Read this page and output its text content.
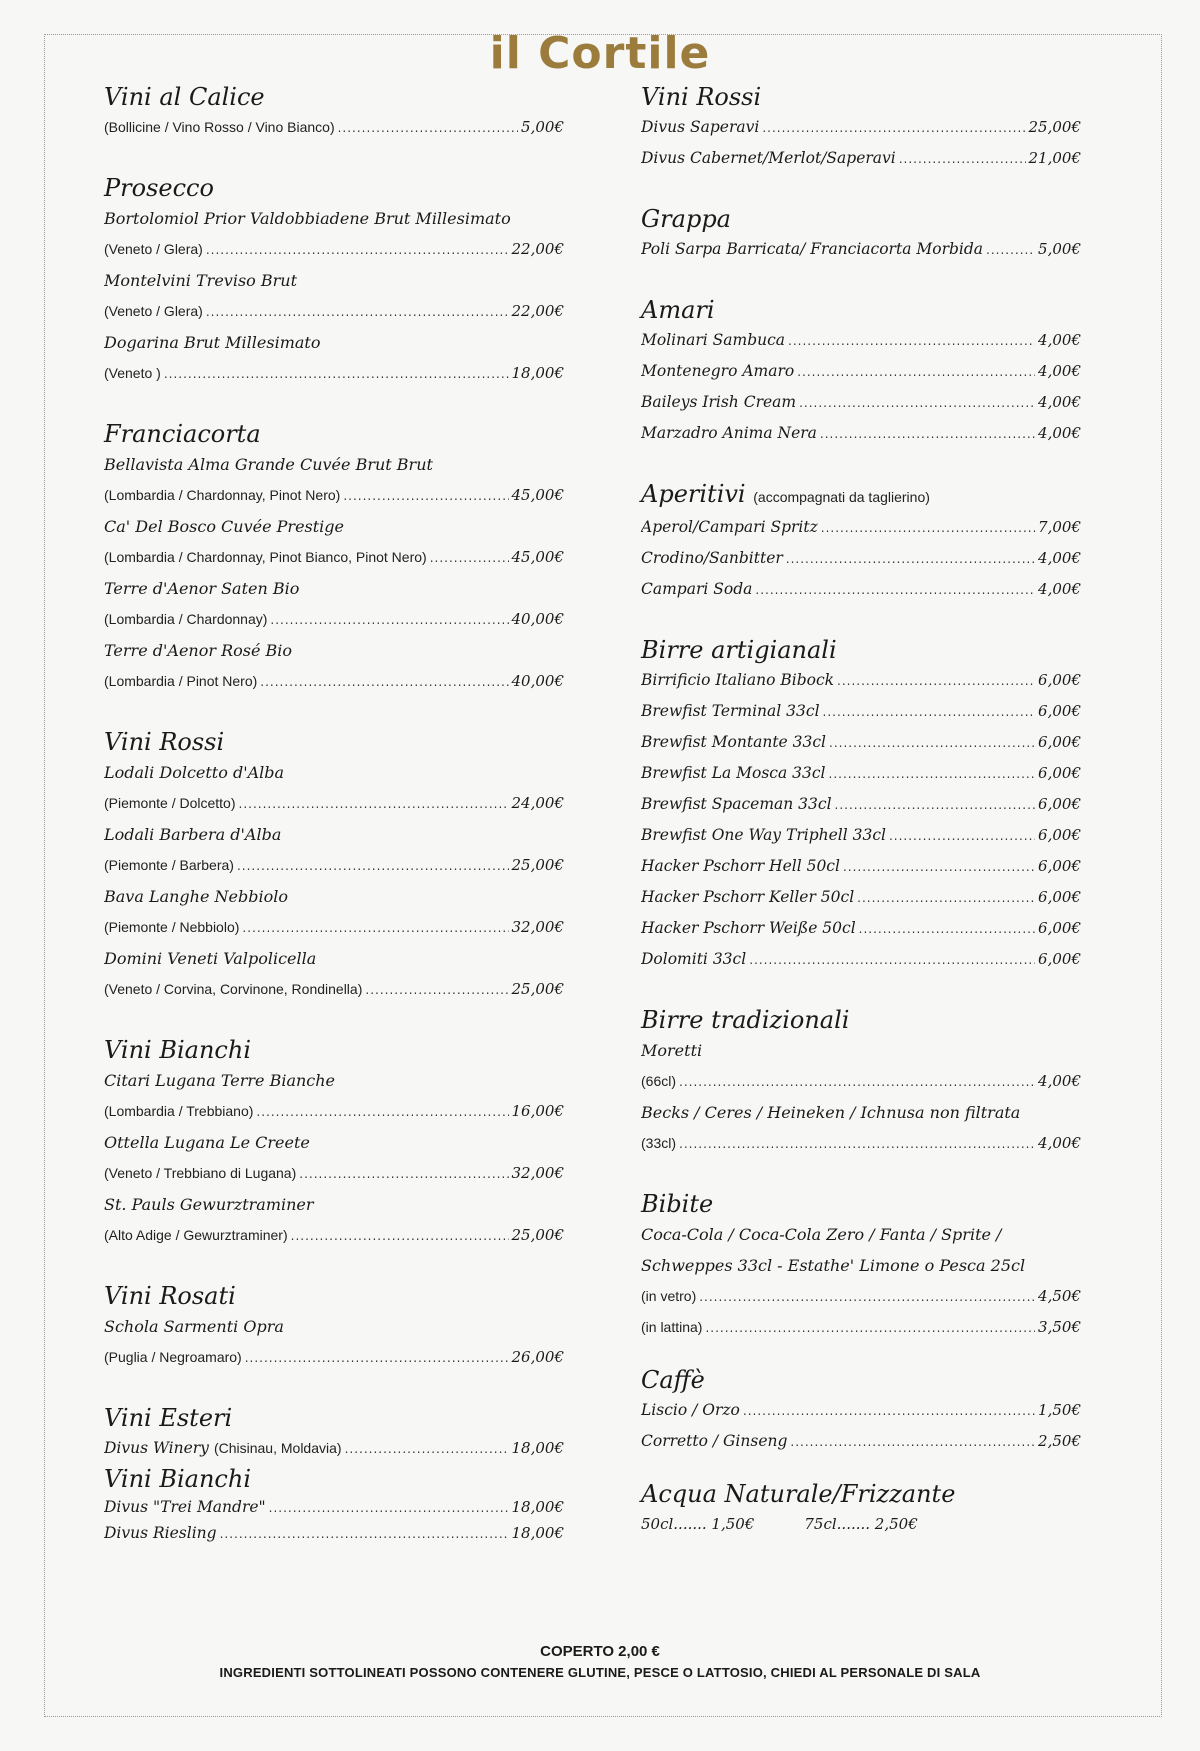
il Cortile
Vini al Calice
(Bollicine / Vino Rosso / Vino Bianco) .....	5,00€
Prosecco
Bortolomiol Prior Valdobbiadene Brut Millesimato
(Veneto / Glera) .....	22,00€
Montelvini Treviso Brut
(Veneto / Glera) .....	22,00€
Dogarina Brut Millesimato
(Veneto ) .....	18,00€
Franciacorta
Bellavista Alma Grande Cuvée Brut Brut
(Lombardia / Chardonnay, Pinot Nero) .....	45,00€
Ca' Del Bosco Cuvée Prestige
(Lombardia / Chardonnay, Pinot Bianco, Pinot Nero) .....	45,00€
Terre d'Aenor Saten Bio
(Lombardia / Chardonnay) .....	40,00€
Terre d'Aenor Rosé Bio
(Lombardia / Pinot Nero) .....	40,00€
Vini Rossi
Lodali Dolcetto d'Alba
(Piemonte / Dolcetto) .....	24,00€
Lodali Barbera d'Alba
(Piemonte / Barbera) .....	25,00€
Bava Langhe Nebbiolo
(Piemonte / Nebbiolo) .....	32,00€
Domini Veneti Valpolicella
(Veneto / Corvina, Corvinone, Rondinella) .....	25,00€
Vini Bianchi
Citari Lugana Terre Bianche
(Lombardia / Trebbiano) .....	16,00€
Ottella Lugana Le Creete
(Veneto / Trebbiano di Lugana) .....	32,00€
St. Pauls Gewurztraminer
(Alto Adige / Gewurztraminer) .....	25,00€
Vini Rosati
Schola Sarmenti Opra
(Puglia / Negroamaro) .....	26,00€
Vini Esteri
Divus Winery (Chisinau, Moldavia) .....	18,00€
Vini Bianchi
Divus "Trei Mandre" .....	18,00€
Divus Riesling .....	18,00€
Vini Rossi
Divus Saperavi .....	25,00€
Divus Cabernet/Merlot/Saperavi .....	21,00€
Grappa
Poli Sarpa Barricata/ Franciacorta Morbida .....	5,00€
Amari
Molinari Sambuca .....	4,00€
Montenegro Amaro .....	4,00€
Baileys Irish Cream .....	4,00€
Marzadro Anima Nera .....	4,00€
Aperitivi (accompagnati da taglierino)
Aperol/Campari Spritz .....	7,00€
Crodino/Sanbitter .....	4,00€
Campari Soda .....	4,00€
Birre artigianali
Birrificio Italiano Bibock .....	6,00€
Brewfist Terminal 33cl .....	6,00€
Brewfist Montante 33cl .....	6,00€
Brewfist La Mosca 33cl .....	6,00€
Brewfist Spaceman 33cl .....	6,00€
Brewfist One Way Triphell 33cl .....	6,00€
Hacker Pschorr Hell 50cl .....	6,00€
Hacker Pschorr Keller 50cl .....	6,00€
Hacker Pschorr Weiße 50cl .....	6,00€
Dolomiti 33cl .....	6,00€
Birre tradizionali
Moretti
(66cl) .....	4,00€
Becks / Ceres / Heineken / Ichnusa non filtrata
(33cl) .....	4,00€
Bibite
Coca-Cola / Coca-Cola Zero / Fanta / Sprite /
Schweppes 33cl - Estathe' Limone o Pesca 25cl
(in vetro) .....	4,50€
(in lattina) .....	3,50€
Caffè
Liscio / Orzo .....	1,50€
Corretto / Ginseng .....	2,50€
Acqua Naturale/Frizzante
50cl....... 1,50€	75cl....... 2,50€
COPERTO 2,00 €
INGREDIENTI SOTTOLINEATI POSSONO CONTENERE GLUTINE, PESCE O LATTOSIO, CHIEDI AL PERSONALE DI SALA
